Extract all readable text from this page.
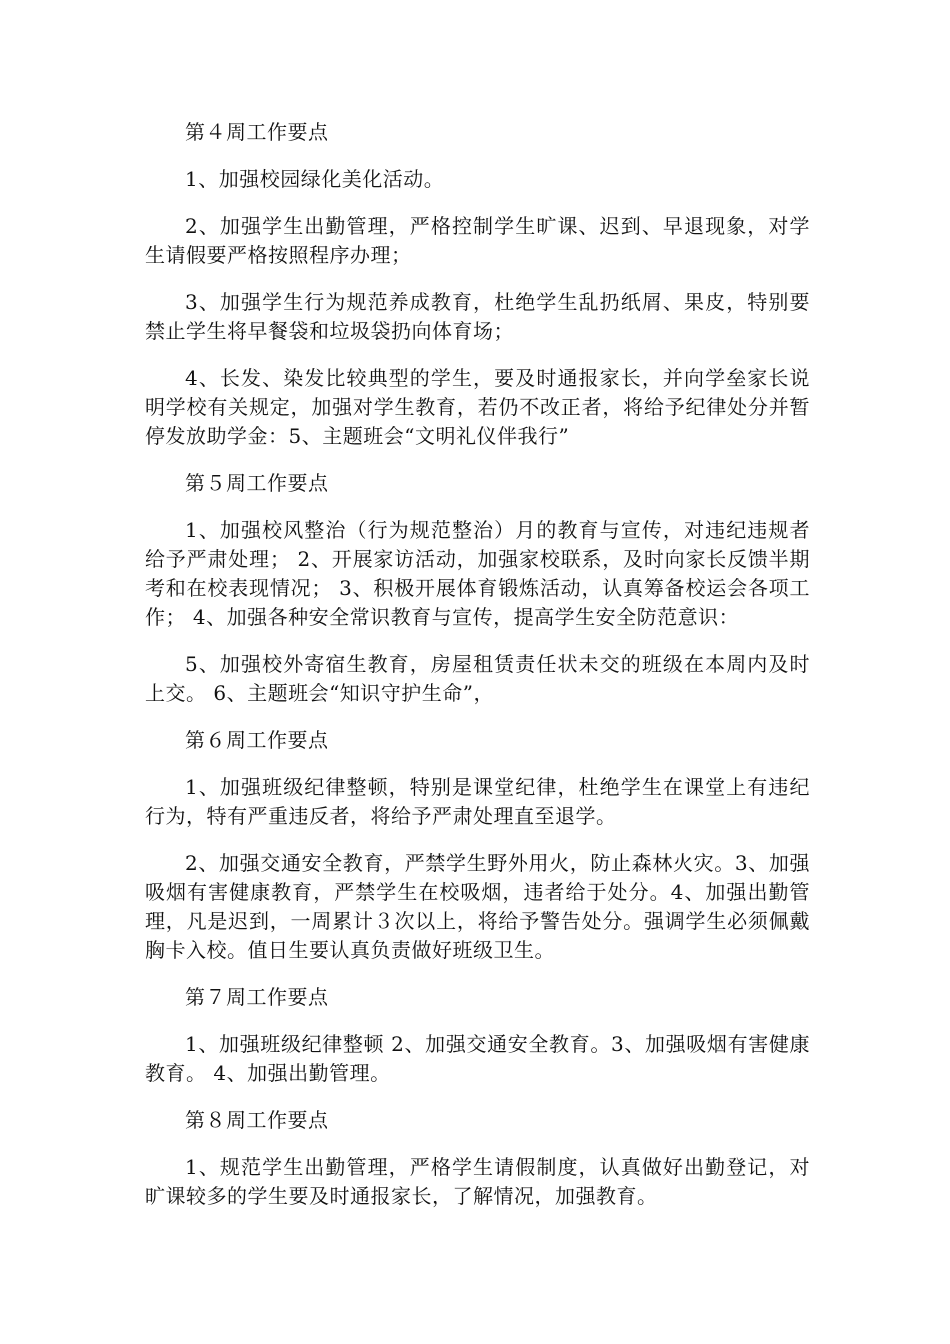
第４周工作要点

1、加强校园绿化美化活动。

2、加强学生出勤管理，严格控制学生旷课、迟到、早退现象，对学生请假要严格按照程序办理；

3、加强学生行为规范养成教育，杜绝学生乱扔纸屑、果皮，特别要禁止学生将早餐袋和垃圾袋扔向体育场；

4、长发、染发比较典型的学生，要及时通报家长，并向学垒家长说明学校有关规定，加强对学生教育，若仍不改正者，将给予纪律处分并暂停发放助学金：5、主题班会“文明礼仪伴我行”

第５周工作要点

1、加强校风整治（行为规范整治）月的教育与宣传，对违纪违规者给予严肃处理； 2、开展家访活动，加强家校联系，及时向家长反馈半期考和在校表现情况； 3、积极开展体育锻炼活动，认真筹备校运会各项工作； 4、加强各种安全常识教育与宣传，提高学生安全防范意识：

5、加强校外寄宿生教育，房屋租赁责任状未交的班级在本周内及时上交。 6、主题班会“知识守护生命”，

第６周工作要点

1、加强班级纪律整顿，特别是课堂纪律，杜绝学生在课堂上有违纪行为，特有严重违反者，将给予严肃处理直至退学。

2、加强交通安全教育，严禁学生野外用火，防止森林火灾。3、加强吸烟有害健康教育，严禁学生在校吸烟，违者给于处分。4、加强出勤管理，凡是迟到，一周累计３次以上，将给予警告处分。强调学生必须佩戴胸卡入校。值日生要认真负责做好班级卫生。

第７周工作要点

1、加强班级纪律整顿 2、加强交通安全教育。3、加强吸烟有害健康教育。 4、加强出勤管理。

第８周工作要点

1、规范学生出勤管理，严格学生请假制度，认真做好出勤登记，对旷课较多的学生要及时通报家长，了解情况，加强教育。
